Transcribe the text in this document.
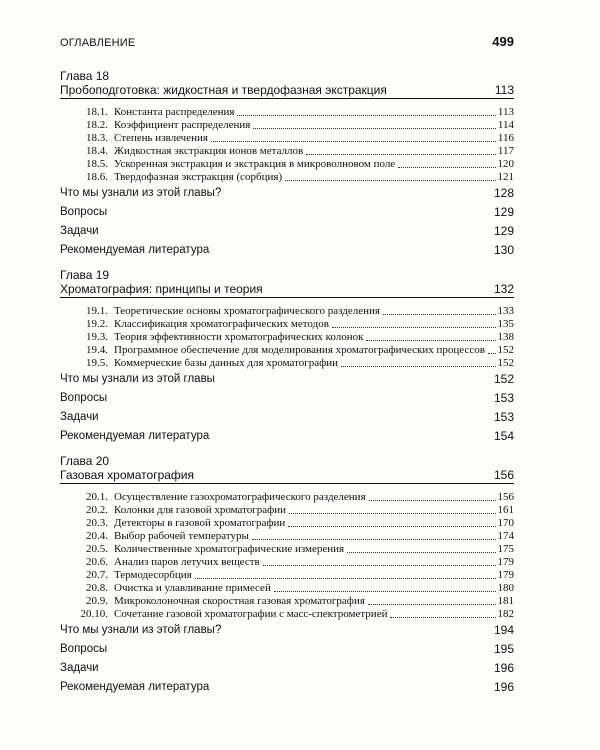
ОГЛАВЛЕНИЕ	499
Глава 18
Пробоподготовка: жидкостная и твердофазная экстракция	113
18.1. Константа распределения	113
18.2. Коэффициент распределения	114
18.3. Степень извлечения	116
18.4. Жидкостная экстракция ионов металлов	117
18.5. Ускоренная экстракция и экстракция в микроволновом поле	120
18.6. Твердофазная экстракция (сорбция)	121
Что мы узнали из этой главы?	128
Вопросы	129
Задачи	129
Рекомендуемая литература	130
Глава 19
Хроматография: принципы и теория	132
19.1. Теоретические основы хроматографического разделения	133
19.2. Классификация хроматографических методов	135
19.3. Теория эффективности хроматографических колонок	138
19.4. Программное обеспечение для моделирования хроматографических процессов 152
19.5. Коммерческие базы данных для хроматографии	152
Что мы узнали из этой главы	152
Вопросы	153
Задачи	153
Рекомендуемая литература	154
Глава 20
Газовая хроматография	156
20.1. Осуществление газохроматографического разделения	156
20.2. Колонки для газовой хроматографии	161
20.3. Детекторы в газовой хроматографии	170
20.4. Выбор рабочей температуры	174
20.5. Количественные хроматографические измерения	175
20.6. Анализ паров летучих веществ	179
20.7. Термодесорбция	179
20.8. Очистка и улавливание примесей	180
20.9. Микроколоночная скоростная газовая хроматография	181
20.10. Сочетание газовой хроматографии с масс-спектрометрией	182
Что мы узнали из этой главы?	194
Вопросы	195
Задачи	196
Рекомендуемая литература	196
